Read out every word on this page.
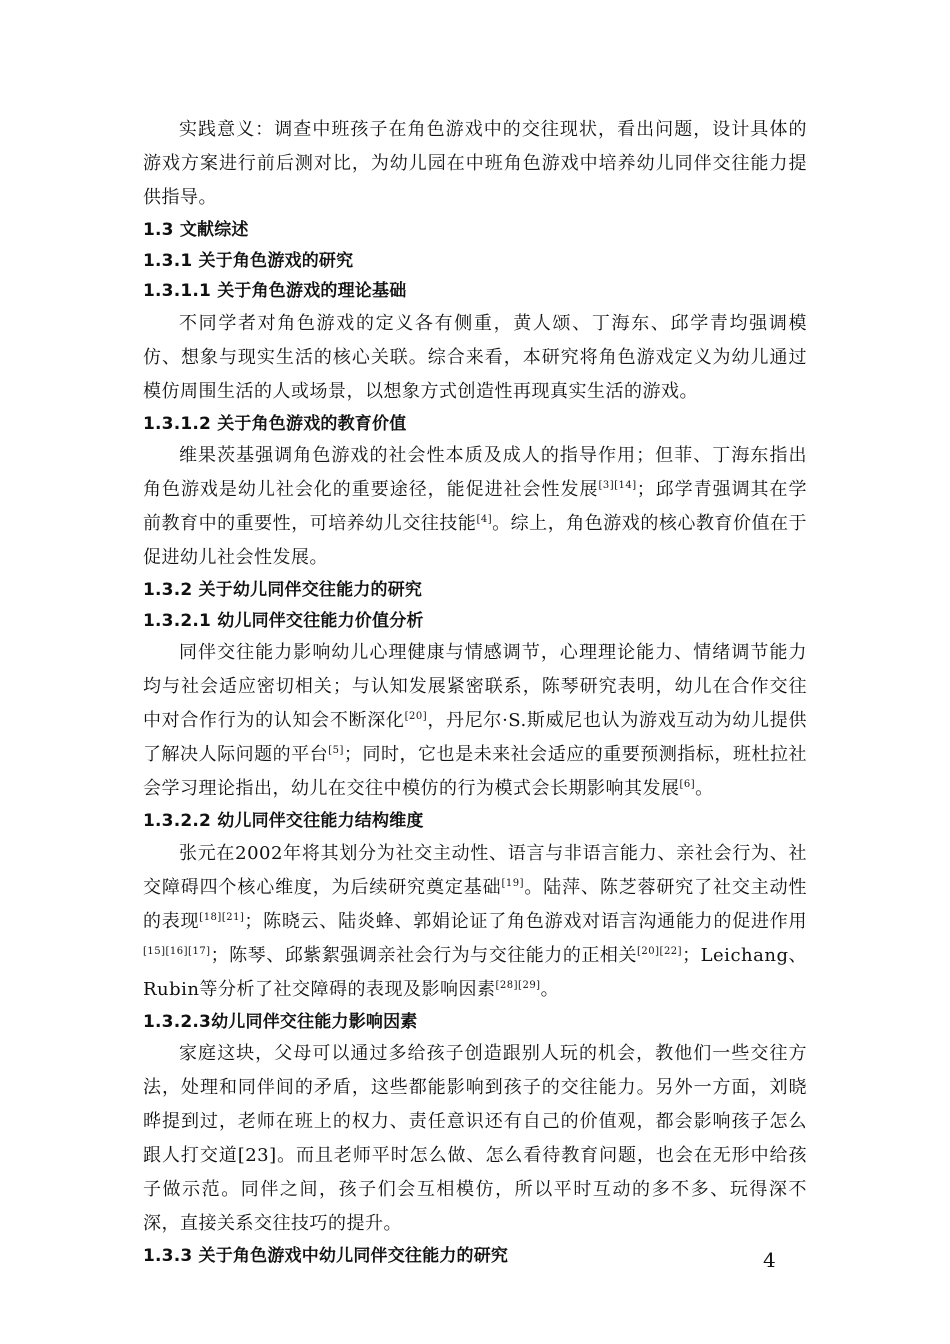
实践意义：调查中班孩子在角色游戏中的交往现状，看出问题，设计具体的游戏方案进行前后测对比，为幼儿园在中班角色游戏中培养幼儿同伴交往能力提供指导。

1.3 文献综述

1.3.1 关于角色游戏的研究

1.3.1.1 关于角色游戏的理论基础

不同学者对角色游戏的定义各有侧重，黄人颂、丁海东、邱学青均强调模仿、想象与现实生活的核心关联。综合来看，本研究将角色游戏定义为幼儿通过模仿周围生活的人或场景，以想象方式创造性再现真实生活的游戏。

1.3.1.2 关于角色游戏的教育价值

维果茨基强调角色游戏的社会性本质及成人的指导作用；但菲、丁海东指出角色游戏是幼儿社会化的重要途径，能促进社会性发展[3][14]；邱学青强调其在学前教育中的重要性，可培养幼儿交往技能[4]。综上，角色游戏的核心教育价值在于促进幼儿社会性发展。

1.3.2 关于幼儿同伴交往能力的研究

1.3.2.1 幼儿同伴交往能力价值分析

同伴交往能力影响幼儿心理健康与情感调节，心理理论能力、情绪调节能力均与社会适应密切相关；与认知发展紧密联系，陈琴研究表明，幼儿在合作交往中对合作行为的认知会不断深化[20]，丹尼尔·S.斯威尼也认为游戏互动为幼儿提供了解决人际问题的平台[5]；同时，它也是未来社会适应的重要预测指标，班杜拉社会学习理论指出，幼儿在交往中模仿的行为模式会长期影响其发展[6]。

1.3.2.2 幼儿同伴交往能力结构维度

张元在2002年将其划分为社交主动性、语言与非语言能力、亲社会行为、社交障碍四个核心维度，为后续研究奠定基础[19]。陆萍、陈芝蓉研究了社交主动性的表现[18][21]；陈晓云、陆炎蜂、郭娟论证了角色游戏对语言沟通能力的促进作用[15][16][17]；陈琴、邱紫絮强调亲社会行为与交往能力的正相关[20][22]；Leichang、Rubin等分析了社交障碍的表现及影响因素[28][29]。

1.3.2.3幼儿同伴交往能力影响因素

家庭这块，父母可以通过多给孩子创造跟别人玩的机会，教他们一些交往方法，处理和同伴间的矛盾，这些都能影响到孩子的交往能力。另外一方面，刘晓晔提到过，老师在班上的权力、责任意识还有自己的价值观，都会影响孩子怎么跟人打交道[23]。而且老师平时怎么做、怎么看待教育问题，也会在无形中给孩子做示范。同伴之间，孩子们会互相模仿，所以平时互动的多不多、玩得深不深，直接关系交往技巧的提升。

1.3.3 关于角色游戏中幼儿同伴交往能力的研究	4
